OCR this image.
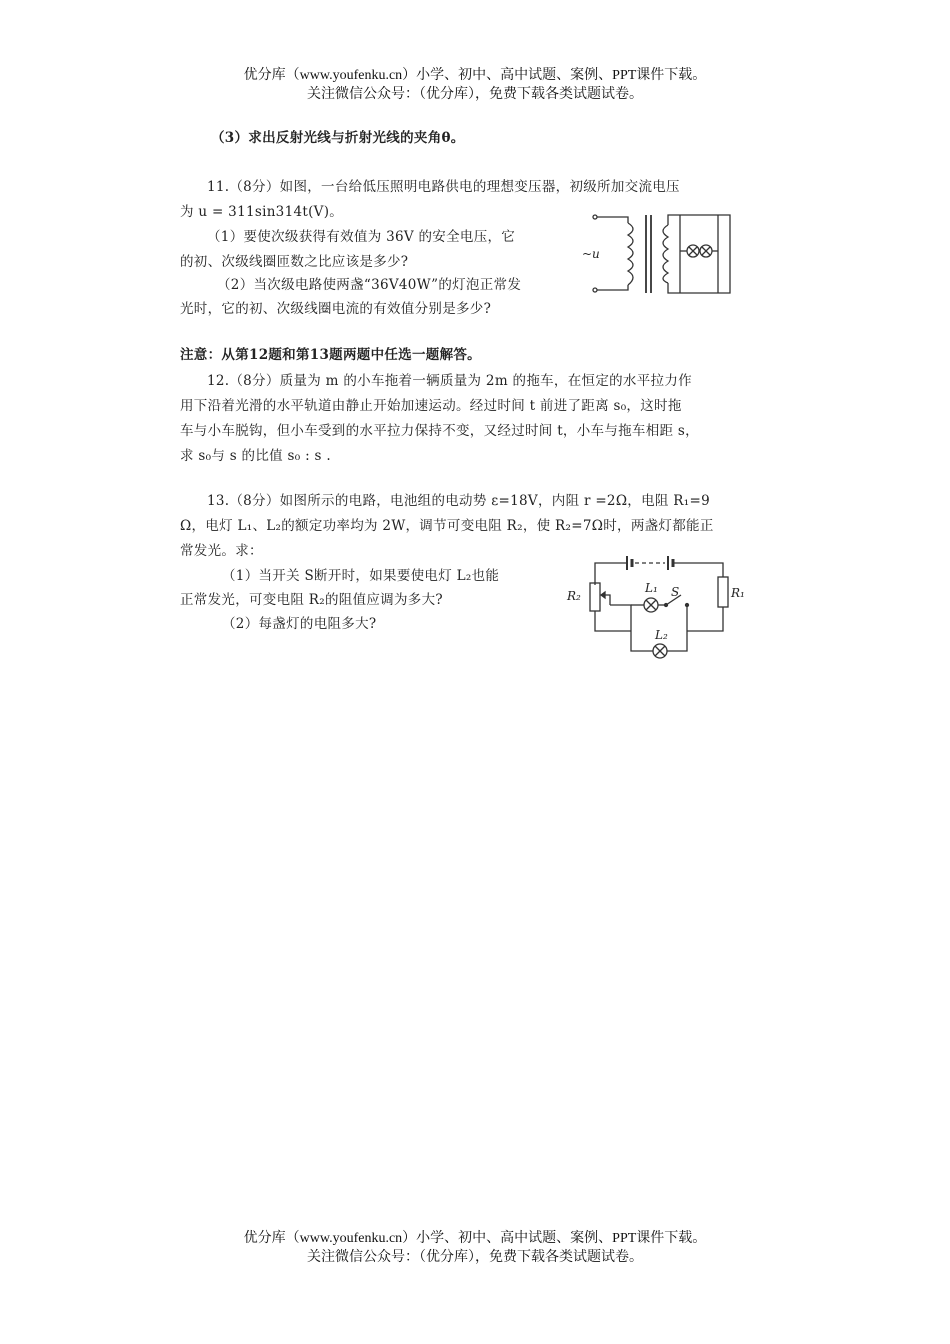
优分库（www.youfenku.cn）小学、初中、高中试题、案例、PPT课件下载。
关注微信公众号：（优分库），免费下载各类试题试卷。
（3）求出反射光线与折射光线的夹角θ。
11.（8分）如图，一台给低压照明电路供电的理想变压器，初级所加交流电压
为 u = 311sin314t(V)。
（1）要使次级获得有效值为 36V 的安全电压，它
的初、次级线圈匝数之比应该是多少?
（2）当次级电路使两盏“36V40W”的灯泡正常发
光时，它的初、次级线圈电流的有效值分别是多少?
~u
注意：从第12题和第13题两题中任选一题解答。
12.（8分）质量为 m 的小车拖着一辆质量为 2m 的拖车，在恒定的水平拉力作
用下沿着光滑的水平轨道由静止开始加速运动。经过时间 t 前进了距离 s₀，这时拖
车与小车脱钩，但小车受到的水平拉力保持不变，又经过时间 t，小车与拖车相距 s，
求 s₀与 s 的比值 s₀ : s .
13.（8分）如图所示的电路，电池组的电动势 ε=18V，内阻 r =2Ω，电阻 R₁=9
Ω，电灯 L₁、L₂的额定功率均为 2W，调节可变电阻 R₂，使 R₂=7Ω时，两盏灯都能正
常发光。求：
（1）当开关 S断开时，如果要使电灯 L₂也能
正常发光，可变电阻 R₂的阻值应调为多大?
（2）每盏灯的电阻多大?
R₂	R₁
L₁ S
L₂
优分库（www.youfenku.cn）小学、初中、高中试题、案例、PPT课件下载。
关注微信公众号：（优分库），免费下载各类试题试卷。
